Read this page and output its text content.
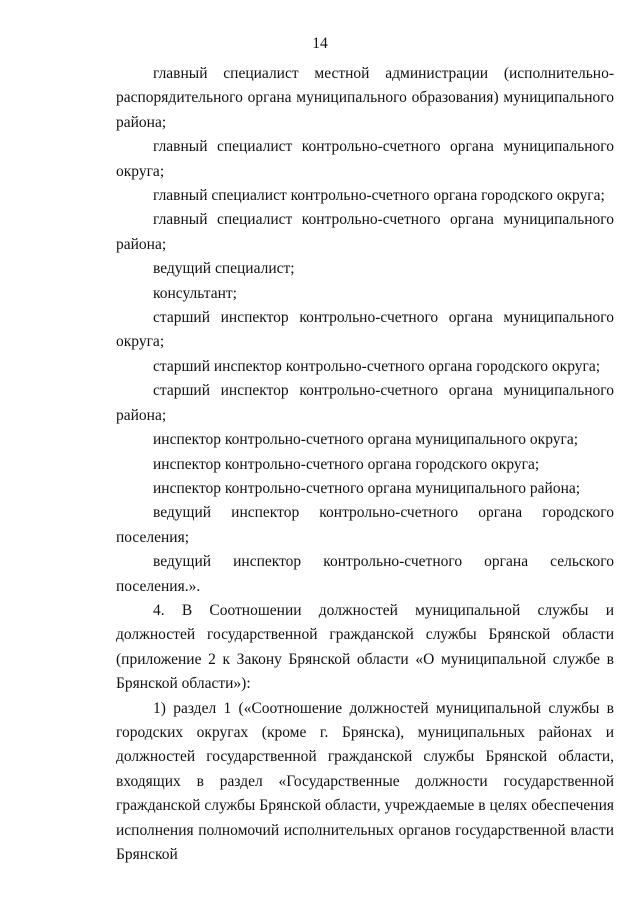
14

главный специалист местной администрации (исполнительно-распорядительного органа муниципального образования) муниципального района;

главный специалист контрольно-счетного органа муниципального округа;

главный специалист контрольно-счетного органа городского округа;

главный специалист контрольно-счетного органа муниципального района;

ведущий специалист;

консультант;

старший инспектор контрольно-счетного органа муниципального округа;

старший инспектор контрольно-счетного органа городского округа;

старший инспектор контрольно-счетного органа муниципального района;

инспектор контрольно-счетного органа муниципального округа;

инспектор контрольно-счетного органа городского округа;

инспектор контрольно-счетного органа муниципального района;

ведущий инспектор контрольно-счетного органа городского поселения;

ведущий инспектор контрольно-счетного органа сельского поселения.».

4. В Соотношении должностей муниципальной службы и должностей государственной гражданской службы Брянской области (приложение 2 к Закону Брянской области «О муниципальной службе в Брянской области»):

1) раздел 1 («Соотношение должностей муниципальной службы в городских округах (кроме г. Брянска), муниципальных районах и должностей государственной гражданской службы Брянской области, входящих в раздел «Государственные должности государственной гражданской службы Брянской области, учреждаемые в целях обеспечения исполнения полномочий исполнительных органов государственной власти Брянской
